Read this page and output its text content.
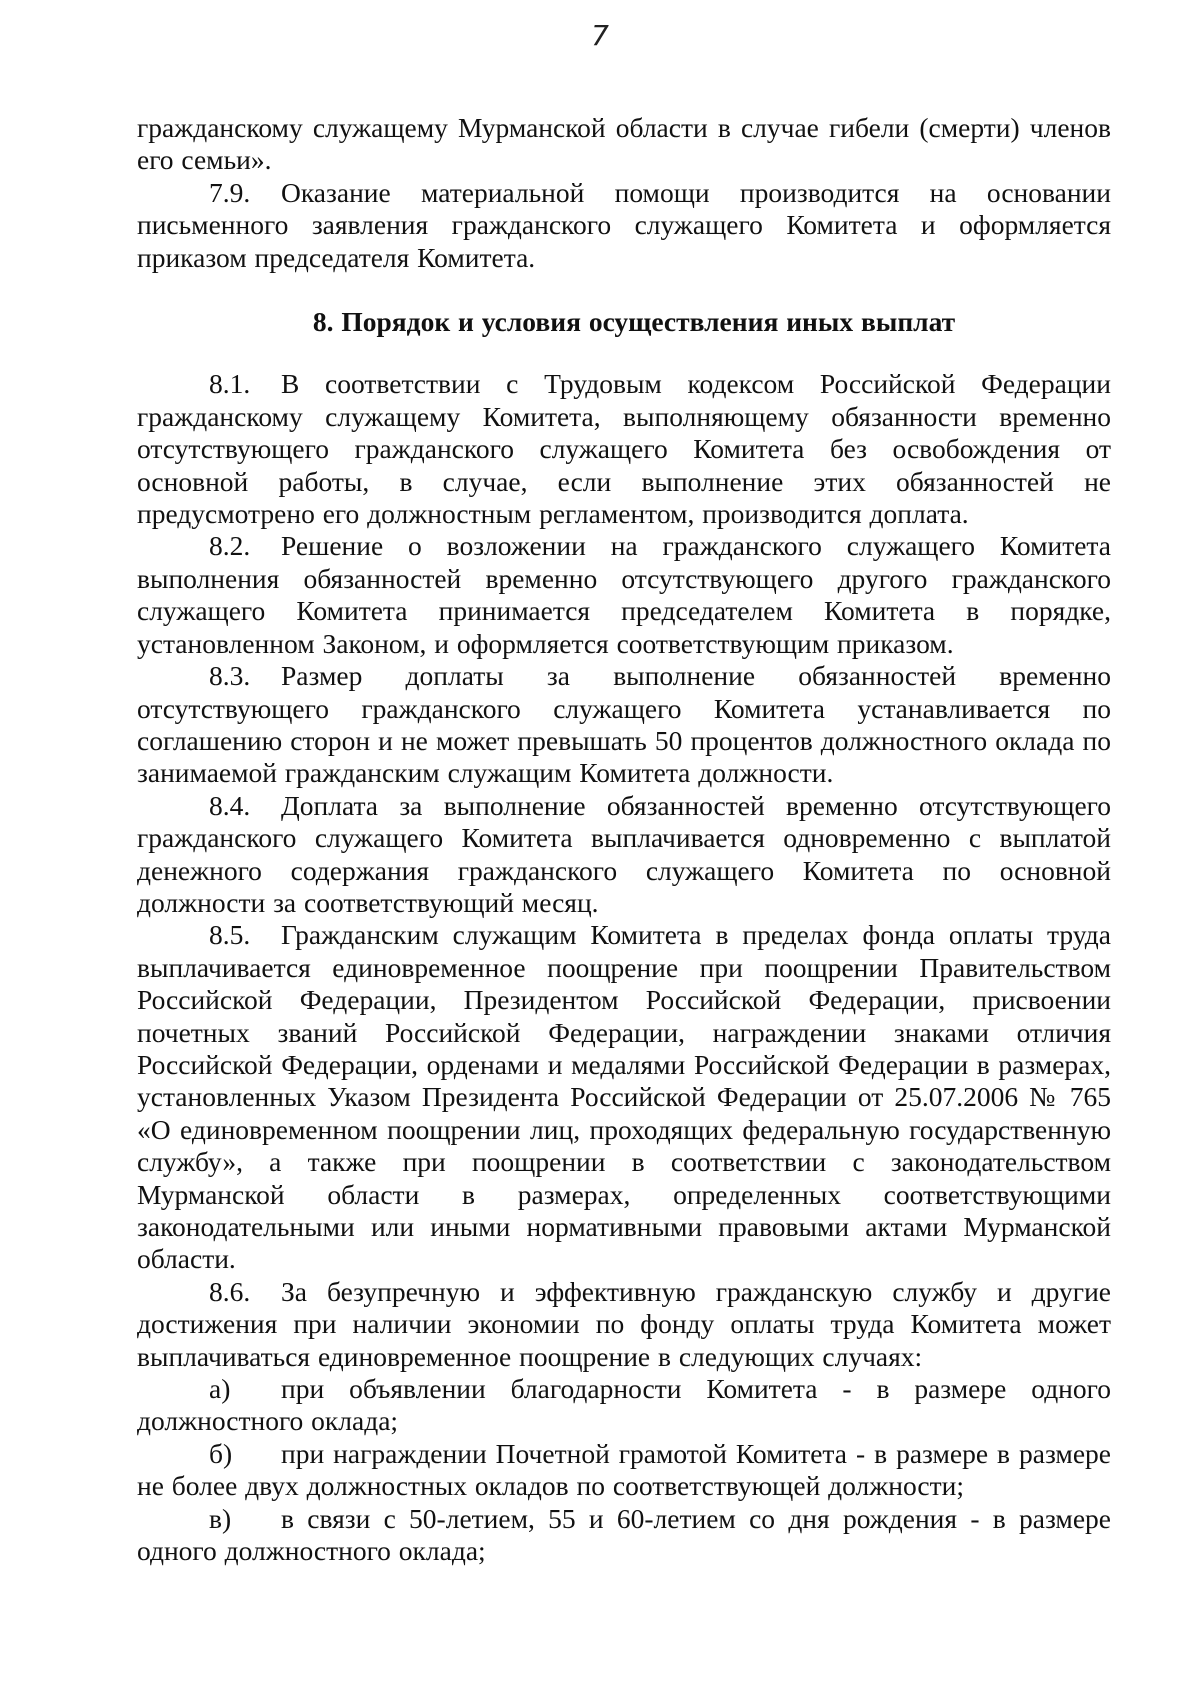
7

гражданскому служащему Мурманской области в случае гибели (смерти) членов его семьи».

7.9. Оказание материальной помощи производится на основании письменного заявления гражданского служащего Комитета и оформляется приказом председателя Комитета.

8. Порядок и условия осуществления иных выплат

8.1. В соответствии с Трудовым кодексом Российской Федерации гражданскому служащему Комитета, выполняющему обязанности временно отсутствующего гражданского служащего Комитета без освобождения от основной работы, в случае, если выполнение этих обязанностей не предусмотрено его должностным регламентом, производится доплата.

8.2. Решение о возложении на гражданского служащего Комитета выполнения обязанностей временно отсутствующего другого гражданского служащего Комитета принимается председателем Комитета в порядке, установленном Законом, и оформляется соответствующим приказом.

8.3. Размер доплаты за выполнение обязанностей временно отсутствующего гражданского служащего Комитета устанавливается по соглашению сторон и не может превышать 50 процентов должностного оклада по занимаемой гражданским служащим Комитета должности.

8.4. Доплата за выполнение обязанностей временно отсутствующего гражданского служащего Комитета выплачивается одновременно с выплатой денежного содержания гражданского служащего Комитета по основной должности за соответствующий месяц.

8.5. Гражданским служащим Комитета в пределах фонда оплаты труда выплачивается единовременное поощрение при поощрении Правительством Российской Федерации, Президентом Российской Федерации, присвоении почетных званий Российской Федерации, награждении знаками отличия Российской Федерации, орденами и медалями Российской Федерации в размерах, установленных Указом Президента Российской Федерации от 25.07.2006 № 765 «О единовременном поощрении лиц, проходящих федеральную государственную службу», а также при поощрении в соответствии с законодательством Мурманской области в размерах, определенных соответствующими законодательными или иными нормативными правовыми актами Мурманской области.

8.6. За безупречную и эффективную гражданскую службу и другие достижения при наличии экономии по фонду оплаты труда Комитета может выплачиваться единовременное поощрение в следующих случаях:

а) при объявлении благодарности Комитета - в размере одного должностного оклада;

б) при награждении Почетной грамотой Комитета - в размере в размере не более двух должностных окладов по соответствующей должности;

в) в связи с 50-летием, 55 и 60-летием со дня рождения - в размере одного должностного оклада;
